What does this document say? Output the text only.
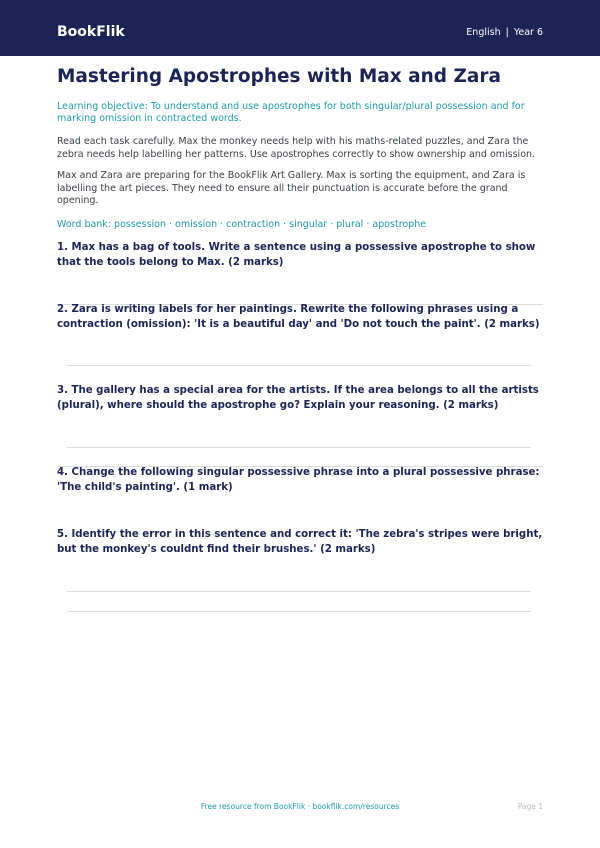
BookFlik	English | Year 6
Mastering Apostrophes with Max and Zara

Learning objective: To understand and use apostrophes for both singular/plural possession and for marking omission in contracted words.

Read each task carefully. Max the monkey needs help with his maths-related puzzles, and Zara the zebra needs help labelling her patterns. Use apostrophes correctly to show ownership and omission.

Max and Zara are preparing for the BookFlik Art Gallery. Max is sorting the equipment, and Zara is labelling the art pieces. They need to ensure all their punctuation is accurate before the grand opening.

Word bank: possession · omission · contraction · singular · plural · apostrophe

1. Max has a bag of tools. Write a sentence using a possessive apostrophe to show that the tools belong to Max. (2 marks)
2. Zara is writing labels for her paintings. Rewrite the following phrases using a contraction (omission): 'It is a beautiful day' and 'Do not touch the paint'. (2 marks)
3. The gallery has a special area for the artists. If the area belongs to all the artists (plural), where should the apostrophe go? Explain your reasoning. (2 marks)
4. Change the following singular possessive phrase into a plural possessive phrase: 'The child's painting'. (1 mark)
5. Identify the error in this sentence and correct it: 'The zebra's stripes were bright, but the monkey's couldnt find their brushes.' (2 marks)
Free resource from BookFlik · bookflik.com/resources	Page 1
